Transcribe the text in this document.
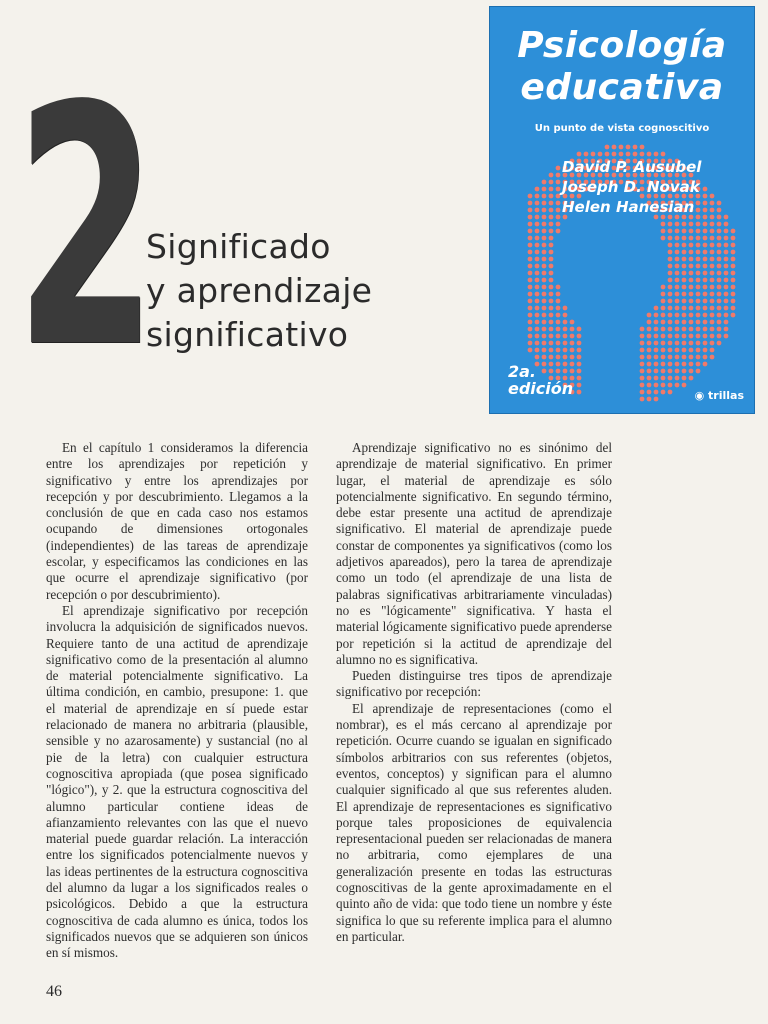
2
Significado
y aprendizaje
significativo
Psicología
educativa
Un punto de vista cognoscitivo
David P. Ausubel
Joseph D. Novak
Helen Hanesian
2a.
edición	◉ trillas

En el capítulo 1 consideramos la diferencia entre los aprendizajes por repetición y significativo y entre los aprendizajes por recepción y por descubrimiento. Llegamos a la conclusión de que en cada caso nos estamos ocupando de dimensiones ortogonales (independientes) de las tareas de aprendizaje escolar, y especificamos las condiciones en las que ocurre el aprendizaje significativo (por recepción o por descubrimiento).

El aprendizaje significativo por recepción involucra la adquisición de significados nuevos. Requiere tanto de una actitud de aprendizaje significativo como de la presentación al alumno de material potencialmente significativo. La última condición, en cambio, presupone: 1. que el material de aprendizaje en sí puede estar relacionado de manera no arbitraria (plausible, sensible y no azarosamente) y sustancial (no al pie de la letra) con cualquier estructura cognoscitiva apropiada (que posea significado "lógico"), y 2. que la estructura cognoscitiva del alumno particular contiene ideas de afianzamiento relevantes con las que el nuevo material puede guardar relación. La interacción entre los significados potencialmente nuevos y las ideas pertinentes de la estructura cognoscitiva del alumno da lugar a los significados reales o psicológicos. Debido a que la estructura cognoscitiva de cada alumno es única, todos los significados nuevos que se adquieren son únicos en sí mismos.

Aprendizaje significativo no es sinónimo del aprendizaje de material significativo. En primer lugar, el material de aprendizaje es sólo potencialmente significativo. En segundo término, debe estar presente una actitud de aprendizaje significativo. El material de aprendizaje puede constar de componentes ya significativos (como los adjetivos apareados), pero la tarea de aprendizaje como un todo (el aprendizaje de una lista de palabras significativas arbitrariamente vinculadas) no es "lógicamente" significativa. Y hasta el material lógicamente significativo puede aprenderse por repetición si la actitud de aprendizaje del alumno no es significativa.

Pueden distinguirse tres tipos de aprendizaje significativo por recepción:

El aprendizaje de representaciones (como el nombrar), es el más cercano al aprendizaje por repetición. Ocurre cuando se igualan en significado símbolos arbitrarios con sus referentes (objetos, eventos, conceptos) y significan para el alumno cualquier significado al que sus referentes aluden. El aprendizaje de representaciones es significativo porque tales proposiciones de equivalencia representacional pueden ser relacionadas de manera no arbitraria, como ejemplares de una generalización presente en todas las estructuras cognoscitivas de la gente aproximadamente en el quinto año de vida: que todo tiene un nombre y éste significa lo que su referente implica para el alumno en particular.

46
